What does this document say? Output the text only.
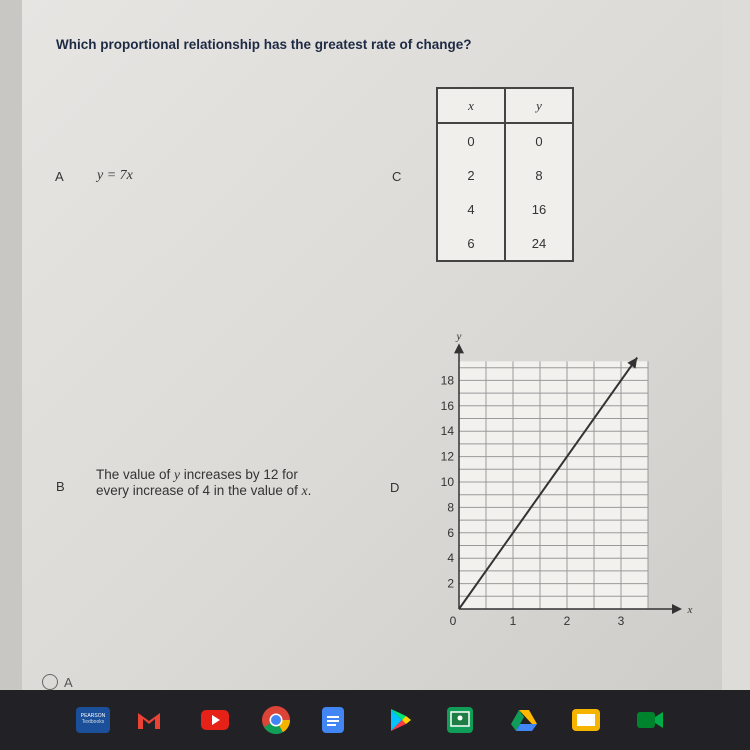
Which proportional relationship has the greatest rate of change?
A y = 7x	C
x	y
0	0
2	8
4	16
6	24
B
The value of y increases by 12 for
every increase of 4 in the value of x.	D
y
x
2
4
6
8
10
12
14
16
18
0	1	2	3
A
PEARSON
Textbooks
